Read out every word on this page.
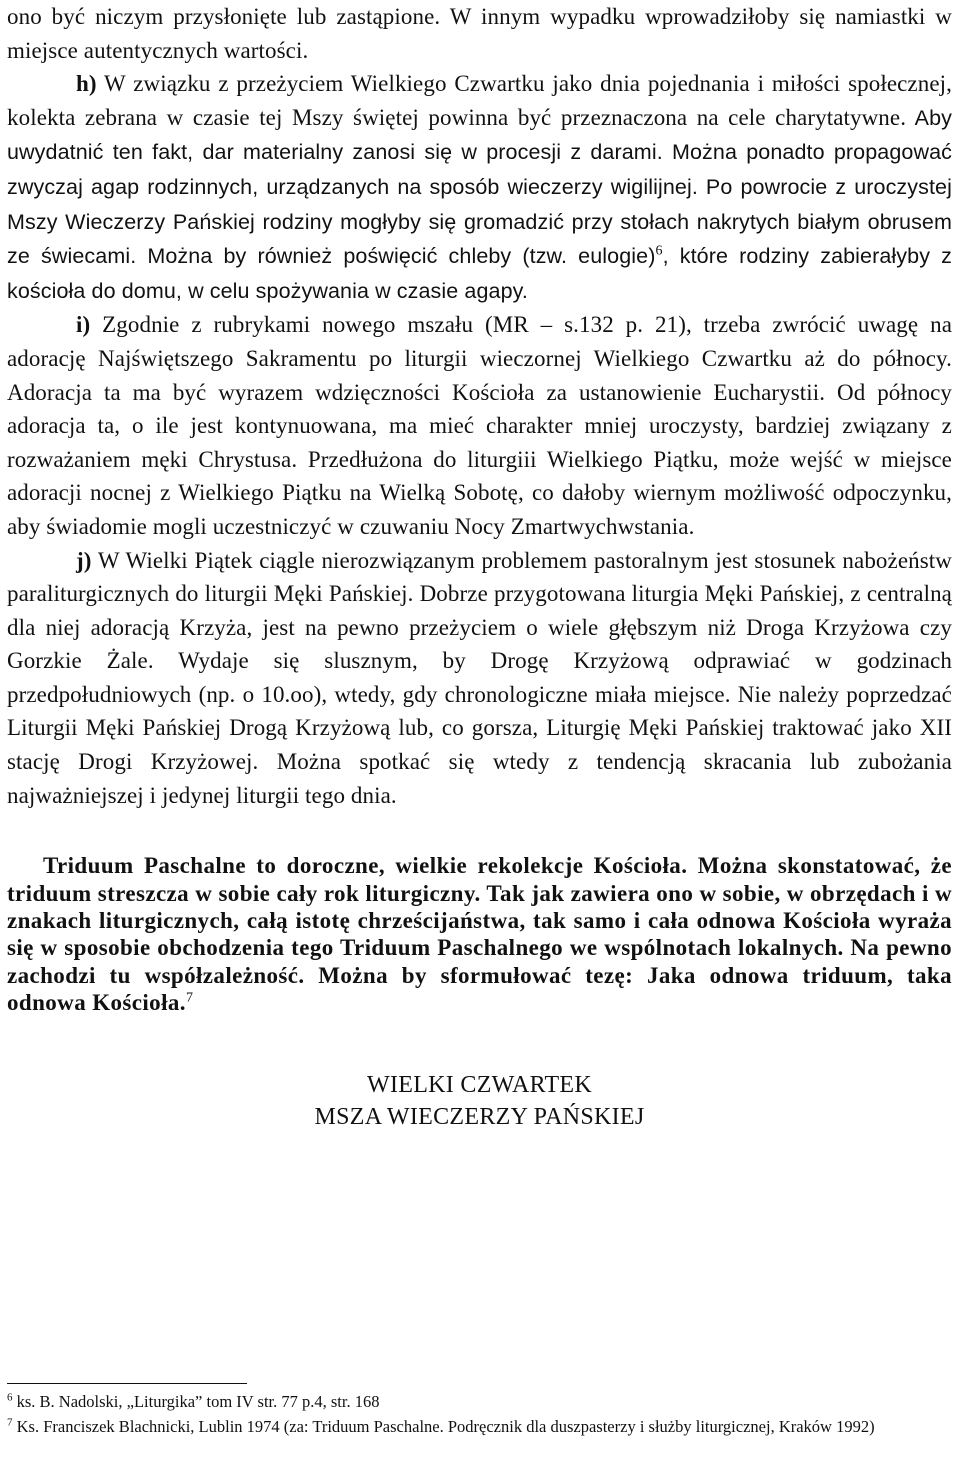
ono być niczym przysłonięte lub zastąpione. W innym wypadku wprowadziłoby się namiastki w miejsce autentycznych wartości.

h) W związku z przeżyciem Wielkiego Czwartku jako dnia pojednania i miłości społecznej, kolekta zebrana w czasie tej Mszy świętej powinna być przeznaczona na cele charytatywne. Aby uwydatnić ten fakt, dar materialny zanosi się w procesji z darami. Można ponadto propagować zwyczaj agap rodzinnych, urządzanych na sposób wieczerzy wigilijnej. Po powrocie z uroczystej Mszy Wieczerzy Pańskiej rodziny mogłyby się gromadzić przy stołach nakrytych białym obrusem ze świecami. Można by również poświęcić chleby (tzw. eulogie)$^6$, które rodziny zabierałyby z kościoła do domu, w celu spożywania w czasie agapy.

i) Zgodnie z rubrykami nowego mszału (MR – s.132 p. 21), trzeba zwrócić uwagę na adorację Najświętszego Sakramentu po liturgii wieczornej Wielkiego Czwartku aż do północy. Adoracja ta ma być wyrazem wdzięczności Kościoła za ustanowienie Eucharystii. Od północy adoracja ta, o ile jest kontynuowana, ma mieć charakter mniej uroczysty, bardziej związany z rozważaniem męki Chrystusa. Przedłużona do liturgiii Wielkiego Piątku, może wejść w miejsce adoracji nocnej z Wielkiego Piątku na Wielką Sobotę, co dałoby wiernym możliwość odpoczynku, aby świadomie mogli uczestniczyć w czuwaniu Nocy Zmartwychwstania.

j) W Wielki Piątek ciągle nierozwiązanym problemem pastoralnym jest stosunek nabożeństw paraliturgicznych do liturgii Męki Pańskiej. Dobrze przygotowana liturgia Męki Pańskiej, z centralną dla niej adoracją Krzyża, jest na pewno przeżyciem o wiele głębszym niż Droga Krzyżowa czy Gorzkie Żale. Wydaje się slusznym, by Drogę Krzyżową odprawiać w godzinach przedpołudniowych (np. o 10.oo), wtedy, gdy chronologiczne miała miejsce. Nie należy poprzedzać Liturgii Męki Pańskiej Drogą Krzyżową lub, co gorsza, Liturgię Męki Pańskiej traktować jako XII stację Drogi Krzyżowej. Można spotkać się wtedy z tendencją skracania lub zubożania najważniejszej i jedynej liturgii tego dnia.

Triduum Paschalne to doroczne, wielkie rekolekcje Kościoła. Można skonstatować, że triduum streszcza w sobie cały rok liturgiczny. Tak jak zawiera ono w sobie, w obrzędach i w znakach liturgicznych, całą istotę chrześcijaństwa, tak samo i cała odnowa Kościoła wyraża się w sposobie obchodzenia tego Triduum Paschalnego we wspólnotach lokalnych. Na pewno zachodzi tu współzależność. Można by sformułować tezę: Jaka odnowa triduum, taka odnowa Kościoła.$^7$

WIELKI CZWARTEK

MSZA WIECZERZY PAŃSKIEJ

$^6$ ks. B. Nadolski, „Liturgika” tom IV str. 77 p.4, str. 168

$^7$ Ks. Franciszek Blachnicki, Lublin 1974 (za: Triduum Paschalne. Podręcznik dla duszpasterzy i służby liturgicznej, Kraków 1992)
